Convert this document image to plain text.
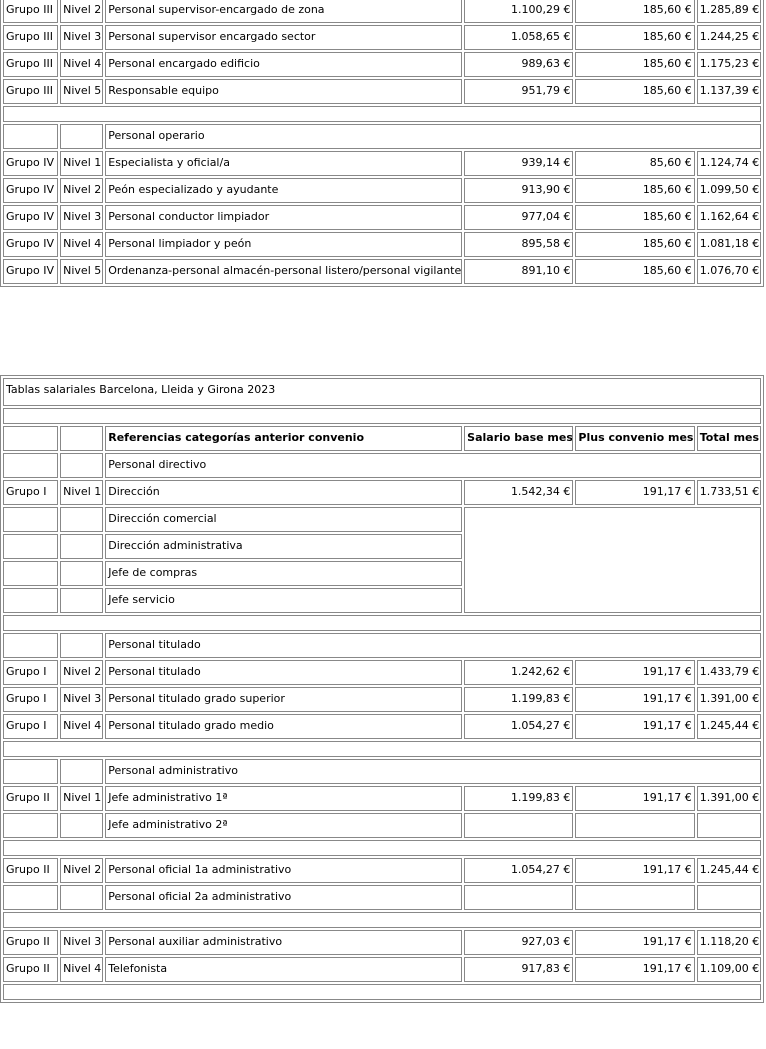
Grupo III	Nivel 2	Personal supervisor-encargado de zona	1.100,29 €	185,60 €	1.285,89 €
Grupo III	Nivel 3	Personal supervisor encargado sector	1.058,65 €	185,60 €	1.244,25 €
Grupo III	Nivel 4	Personal encargado edificio	989,63 €	185,60 €	1.175,23 €
Grupo III	Nivel 5	Responsable equipo	951,79 €	185,60 €	1.137,39 €

		Personal operario			
Grupo IV	Nivel 1	Especialista y oficial/a	939,14 €	85,60 €	1.124,74 €
Grupo IV	Nivel 2	Peón especializado y ayudante	913,90 €	185,60 €	1.099,50 €
Grupo IV	Nivel 3	Personal conductor limpiador	977,04 €	185,60 €	1.162,64 €
Grupo IV	Nivel 4	Personal limpiador y peón	895,58 €	185,60 €	1.081,18 €
Grupo IV	Nivel 5	Ordenanza-personal almacén-personal listero/personal vigilante	891,10 €	185,60 €	1.076,70 €
Tablas salariales Barcelona, Lleida y Girona 2023					

		Referencias categorías anterior convenio	Salario base mes	Plus convenio mes	Total mes
		Personal directivo			
Grupo I	Nivel 1	Dirección	1.542,34 €	191,17 €	1.733,51 €
		Dirección comercial			
		Dirección administrativa			
		Jefe de compras			
		Jefe servicio			

		Personal titulado			
Grupo I	Nivel 2	Personal titulado	1.242,62 €	191,17 €	1.433,79 €
Grupo I	Nivel 3	Personal titulado grado superior	1.199,83 €	191,17 €	1.391,00 €
Grupo I	Nivel 4	Personal titulado grado medio	1.054,27 €	191,17 €	1.245,44 €

		Personal administrativo			
Grupo II	Nivel 1	Jefe administrativo 1ª	1.199,83 €	191,17 €	1.391,00 €
		Jefe administrativo 2ª			

Grupo II	Nivel 2	Personal oficial 1a administrativo	1.054,27 €	191,17 €	1.245,44 €
		Personal oficial 2a administrativo			

Grupo II	Nivel 3	Personal auxiliar administrativo	927,03 €	191,17 €	1.118,20 €
Grupo II	Nivel 4	Telefonista	917,83 €	191,17 €	1.109,00 €
